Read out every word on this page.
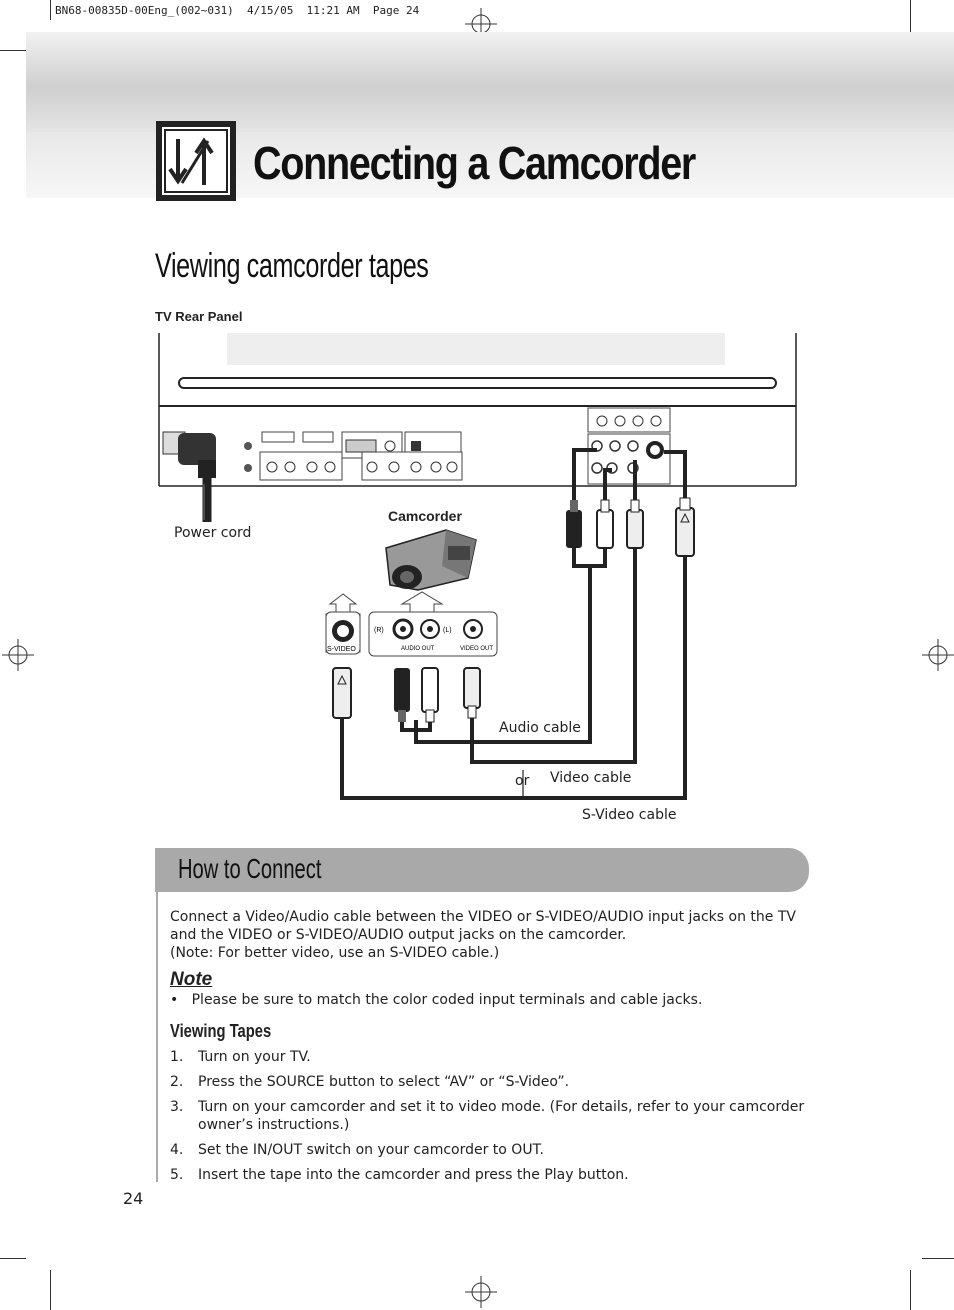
BN68-00835D-00Eng_(002~031)  4/15/05  11:21 AM  Page 24
Connecting a Camcorder
Viewing camcorder tapes
TV Rear Panel
S-VIDEO
(R)	(L)
AUDIO OUT	VIDEO OUT
Camcorder
Power cord
Audio cable
or Video cable
S-Video cable
How to Connect
Connect a Video/Audio cable between the VIDEO or S-VIDEO/AUDIO input jacks on the TV and the VIDEO or S-VIDEO/AUDIO output jacks on the camcorder.
(Note: For better video, use an S-VIDEO cable.)
Note
•   Please be sure to match the color coded input terminals and cable jacks.
Viewing Tapes
1. Turn on your TV.
2. Press the SOURCE button to select “AV” or “S-Video”.
3. Turn on your camcorder and set it to video mode. (For details, refer to your camcorder owner’s instructions.)
4. Set the IN/OUT switch on your camcorder to OUT.
5. Insert the tape into the camcorder and press the Play button.
24
